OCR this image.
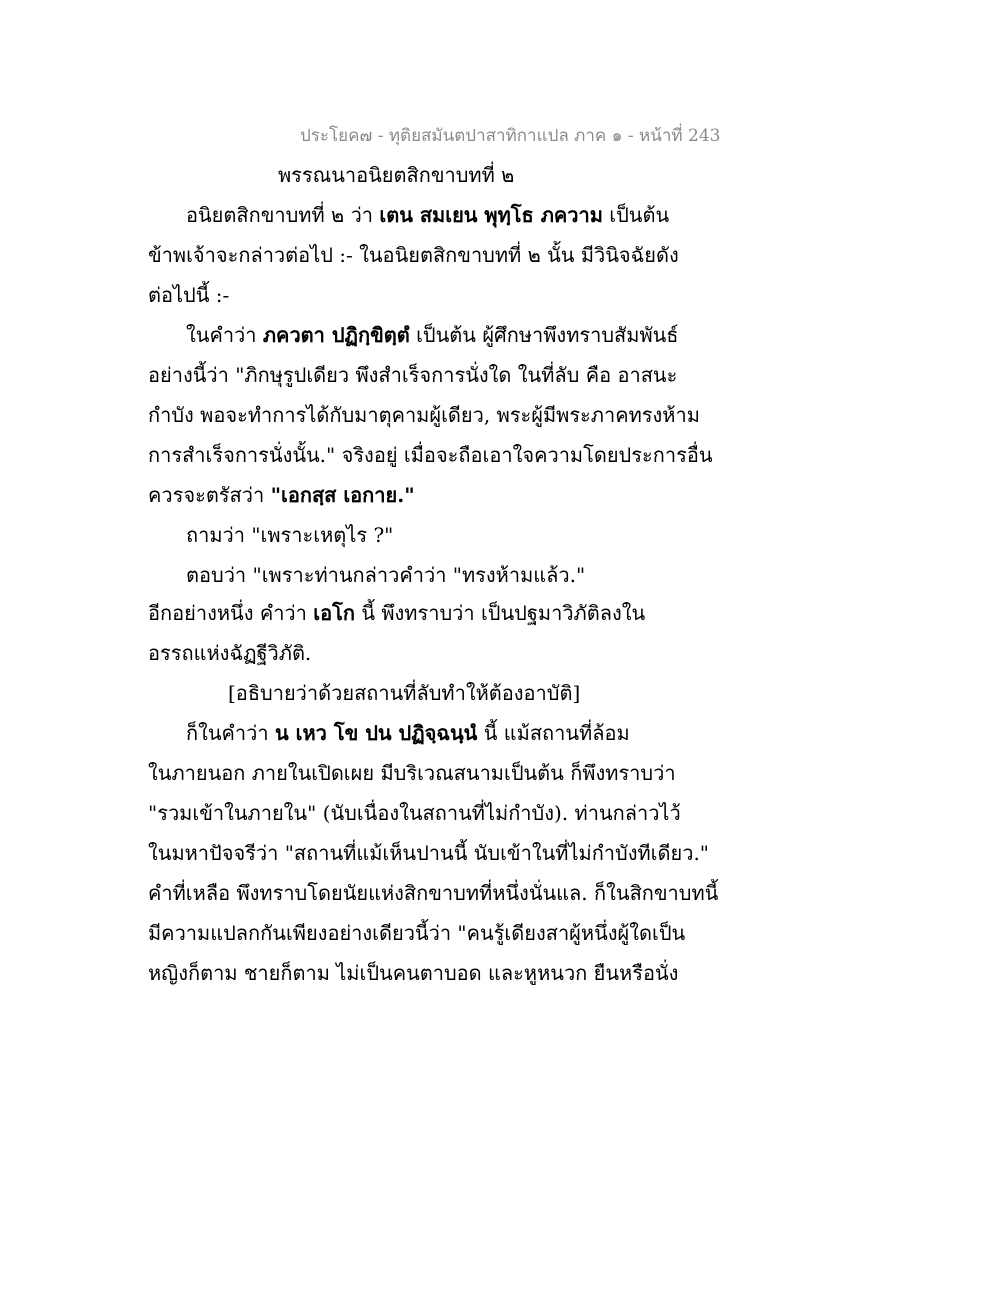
ประโยค๗ - ทุติยสมันตปาสาทิกาแปล ภาค ๑ - หน้าที่ 243
พรรณนาอนิยตสิกขาบทที่ ๒
อนิยตสิกขาบทที่ ๒ ว่า เตน สมเยน พุทฺโธ ภความ เป็นต้น
ข้าพเจ้าจะกล่าวต่อไป :- ในอนิยตสิกขาบทที่ ๒ นั้น มีวินิจฉัยดัง
ต่อไปนี้ :-
ในคำว่า ภควตา ปฏิกฺขิตฺตํ เป็นต้น ผู้ศึกษาพึงทราบสัมพันธ์
อย่างนี้ว่า "ภิกษุรูปเดียว พึงสำเร็จการนั่งใด ในที่ลับ คือ อาสนะ
กำบัง พอจะทำการได้กับมาตุคามผู้เดียว, พระผู้มีพระภาคทรงห้าม
การสำเร็จการนั่งนั้น." จริงอยู่ เมื่อจะถือเอาใจความโดยประการอื่น
ควรจะตรัสว่า "เอกสฺส เอกาย."
ถามว่า "เพราะเหตุไร ?"
ตอบว่า "เพราะท่านกล่าวคำว่า "ทรงห้ามแล้ว."
อีกอย่างหนึ่ง คำว่า เอโก นี้ พึงทราบว่า เป็นปฐมาวิภัติลงใน
อรรถแห่งฉัฏฐีวิภัติ.
[อธิบายว่าด้วยสถานที่ลับทำให้ต้องอาบัติ]
ก็ในคำว่า น เหว โข ปน ปฏิจฺฉนฺนํ นี้ แม้สถานที่ล้อม
ในภายนอก ภายในเปิดเผย มีบริเวณสนามเป็นต้น ก็พึงทราบว่า
"รวมเข้าในภายใน" (นับเนื่องในสถานที่ไม่กำบัง). ท่านกล่าวไว้
ในมหาปัจจรีว่า "สถานที่แม้เห็นปานนี้ นับเข้าในที่ไม่กำบังทีเดียว."
คำที่เหลือ พึงทราบโดยนัยแห่งสิกขาบทที่หนึ่งนั่นแล. ก็ในสิกขาบทนี้
มีความแปลกกันเพียงอย่างเดียวนี้ว่า "คนรู้เดียงสาผู้หนึ่งผู้ใดเป็น
หญิงก็ตาม ชายก็ตาม ไม่เป็นคนตาบอด และหูหนวก ยืนหรือนั่ง
